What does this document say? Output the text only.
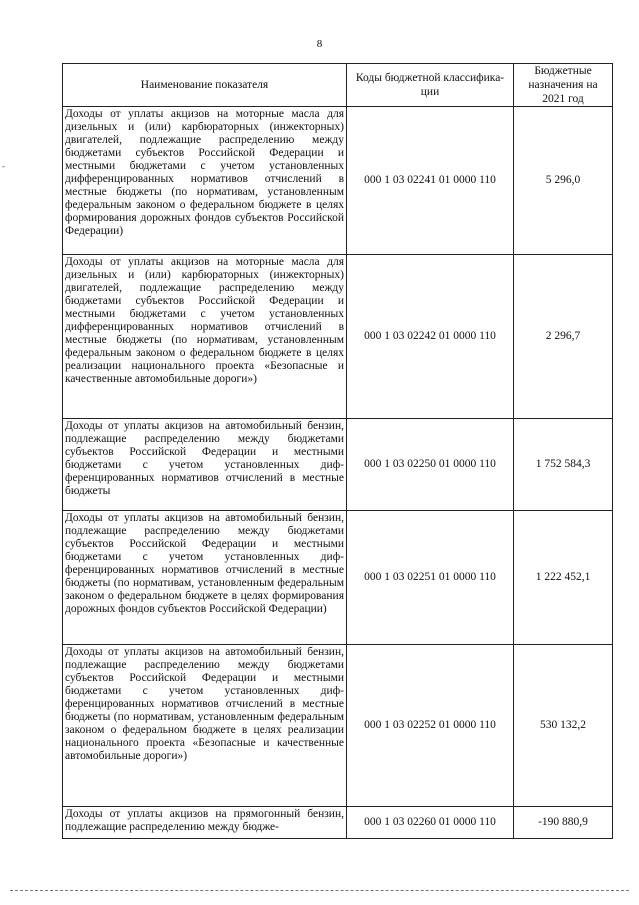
8
-
Наименование показателя	Коды бюджетной классификации	Бюджетные назначения на 2021 год
Доходы от уплаты акцизов на моторные масла для дизельных и (или) карбюраторных (инжекторных) двигателей, подлежащие распределению между бюджетами субъектов Российской Федерации и местными бюджетами с учетом установленных дифференцированных нормативов отчислений в местные бюджеты (по нормативам, установленным федеральным законом о федеральном бюджете в целях формирования дорожных фондов субъектов Российской Федерации)	000 1 03 02241 01 0000 110	5 296,0
Доходы от уплаты акцизов на моторные масла для дизельных и (или) карбюраторных (инжекторных) двигателей, подлежащие распределению между бюджетами субъектов Российской Федерации и местными бюджетами с учетом установленных дифференцированных нормативов отчислений в местные бюджеты (по нормативам, установленным федеральным законом о федеральном бюджете в целях реализации национального проекта «Безопасные и качественные автомобильные дороги»)	000 1 03 02242 01 0000 110	2 296,7
Доходы от уплаты акцизов на автомобильный бензин, подлежащие распределению между бюджетами субъектов Российской Федерации и местными бюджетами с учетом установленных дифференцированных нормативов отчислений в местные бюджеты	000 1 03 02250 01 0000 110	1 752 584,3
Доходы от уплаты акцизов на автомобильный бензин, подлежащие распределению между бюджетами субъектов Российской Федерации и местными бюджетами с учетом установленных дифференцированных нормативов отчислений в местные бюджеты (по нормативам, установленным федеральным законом о федеральном бюджете в целях формирования дорожных фондов субъектов Российской Федерации)	000 1 03 02251 01 0000 110	1 222 452,1
Доходы от уплаты акцизов на автомобильный бензин, подлежащие распределению между бюджетами субъектов Российской Федерации и местными бюджетами с учетом установленных дифференцированных нормативов отчислений в местные бюджеты (по нормативам, установленным федеральным законом о федеральном бюджете в целях реализации национального проекта «Безопасные и качественные автомобильные дороги»)	000 1 03 02252 01 0000 110	530 132,2
Доходы от уплаты акцизов на прямогонный бензин, подлежащие распределению между бюдже-	000 1 03 02260 01 0000 110	-190 880,9
